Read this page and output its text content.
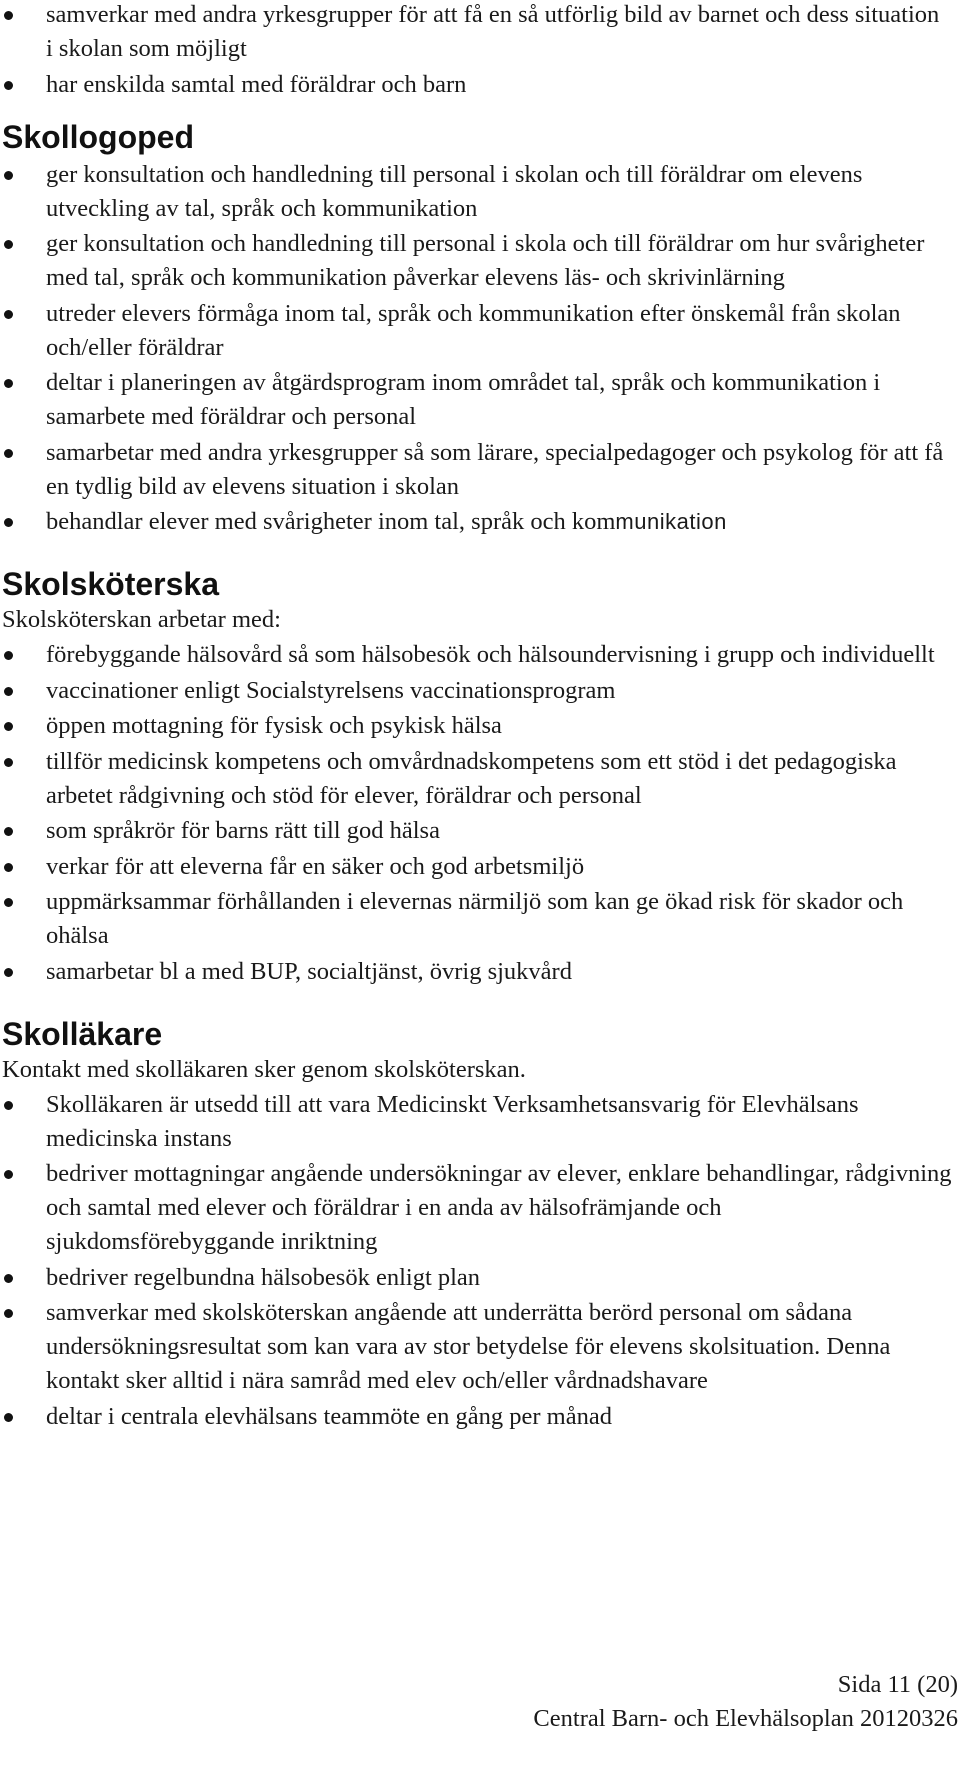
samverkar med andra yrkesgrupper för att få en så utförlig bild av barnet och dess situation i skolan som möjligt
har enskilda samtal med föräldrar och barn
Skollogoped
ger konsultation och handledning till personal i skolan och till föräldrar om elevens utveckling av tal, språk och kommunikation
ger konsultation och handledning till personal i skola och till föräldrar om hur svårigheter med tal, språk och kommunikation påverkar elevens läs- och skrivinlärning
utreder elevers förmåga inom tal, språk och kommunikation efter önskemål från skolan och/eller föräldrar
deltar i planeringen av åtgärdsprogram inom området tal, språk och kommunikation i samarbete med föräldrar och personal
samarbetar med andra yrkesgrupper så som lärare, specialpedagoger och psykolog för att få en tydlig bild av elevens situation i skolan
behandlar elever med svårigheter inom tal, språk och kommunikation
Skolsköterska

Skolsköterskan arbetar med:

förebyggande hälsovård så som hälsobesök och hälsoundervisning i grupp och individuellt
vaccinationer enligt Socialstyrelsens vaccinationsprogram
öppen mottagning för fysisk och psykisk hälsa
tillför medicinsk kompetens och omvårdnadskompetens som ett stöd i det pedagogiska arbetet rådgivning och stöd för elever, föräldrar och personal
som språkrör för barns rätt till god hälsa
verkar för att eleverna får en säker och god arbetsmiljö
uppmärksammar förhållanden i elevernas närmiljö som kan ge ökad risk för skador och ohälsa
samarbetar bl a med BUP, socialtjänst, övrig sjukvård
Skolläkare

Kontakt med skolläkaren sker genom skolsköterskan.

Skolläkaren är utsedd till att vara Medicinskt Verksamhetsansvarig för Elevhälsans medicinska instans
bedriver mottagningar angående undersökningar av elever, enklare behandlingar, rådgivning och samtal med elever och föräldrar i en anda av hälsofrämjande och sjukdomsförebyggande inriktning
bedriver regelbundna hälsobesök enligt plan
samverkar med skolsköterskan angående att underrätta berörd personal om sådana undersökningsresultat som kan vara av stor betydelse för elevens skolsituation. Denna kontakt sker alltid i nära samråd med elev och/eller vårdnadshavare
deltar i centrala elevhälsans teammöte en gång per månad
Sida 11 (20)
Central Barn- och Elevhälsoplan 20120326
